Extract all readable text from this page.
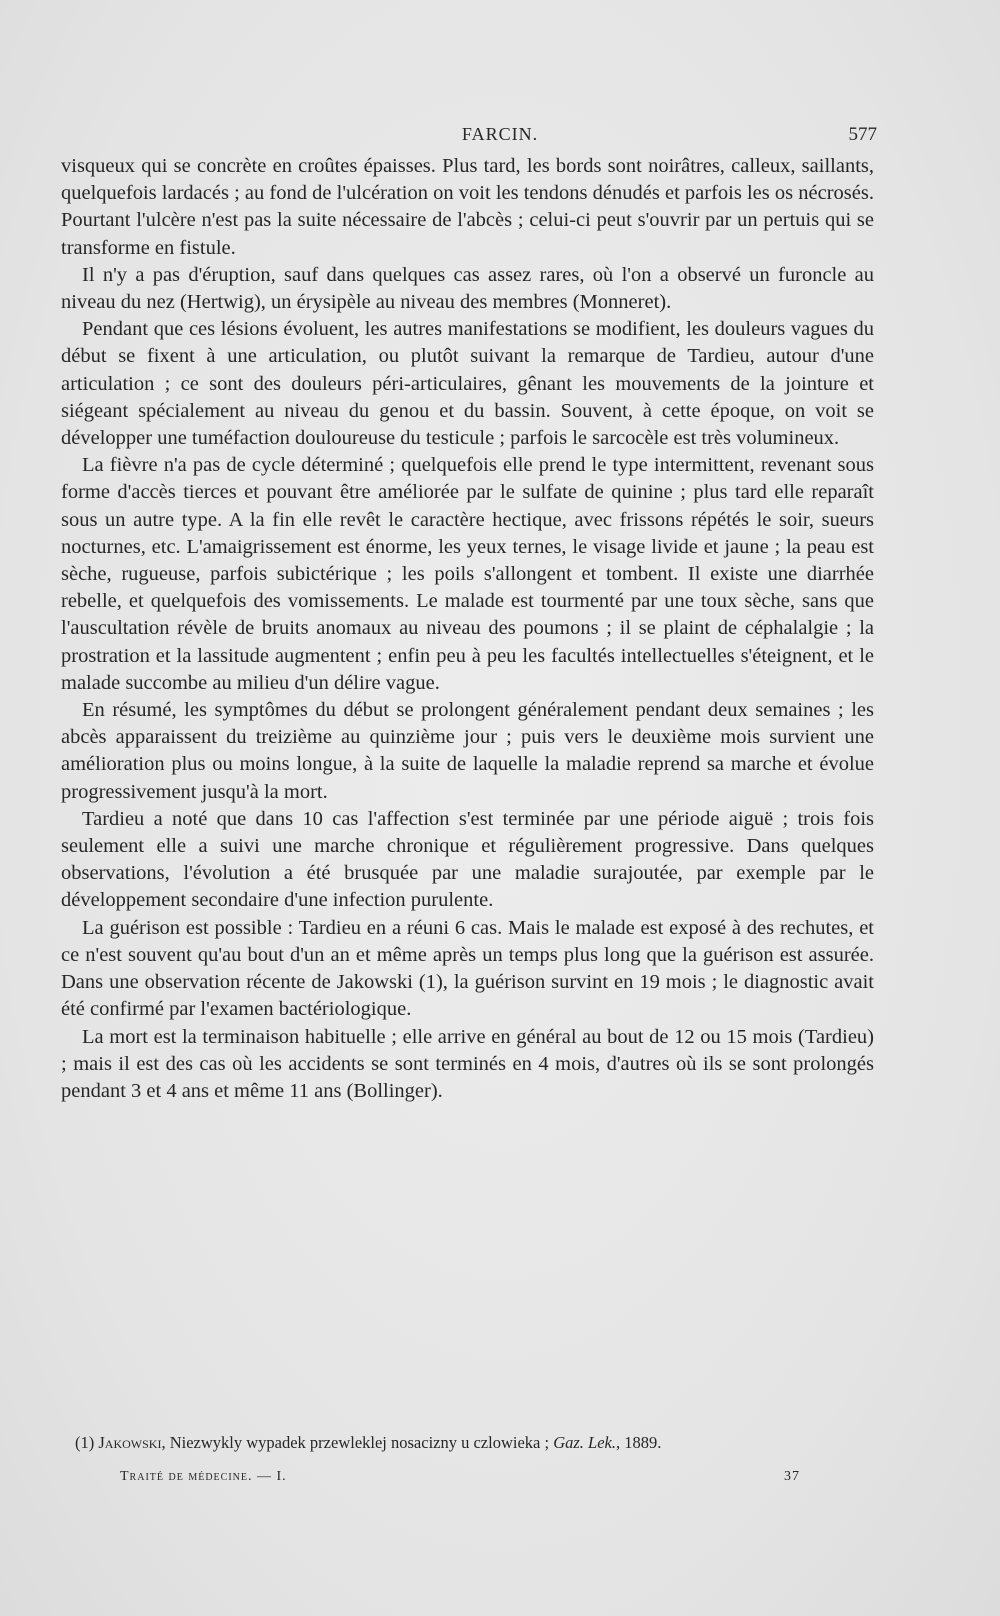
FARCIN.	577

visqueux qui se concrète en croûtes épaisses. Plus tard, les bords sont noirâtres, calleux, saillants, quelquefois lardacés ; au fond de l'ulcération on voit les tendons dénudés et parfois les os nécrosés. Pourtant l'ulcère n'est pas la suite nécessaire de l'abcès ; celui-ci peut s'ouvrir par un pertuis qui se transforme en fistule.

Il n'y a pas d'éruption, sauf dans quelques cas assez rares, où l'on a observé un furoncle au niveau du nez (Hertwig), un érysipèle au niveau des membres (Monneret).

Pendant que ces lésions évoluent, les autres manifestations se modifient, les douleurs vagues du début se fixent à une articulation, ou plutôt suivant la remarque de Tardieu, autour d'une articulation ; ce sont des douleurs péri-articulaires, gênant les mouvements de la jointure et siégeant spécialement au niveau du genou et du bassin. Souvent, à cette époque, on voit se développer une tuméfaction douloureuse du testicule ; parfois le sarcocèle est très volumineux.

La fièvre n'a pas de cycle déterminé ; quelquefois elle prend le type intermittent, revenant sous forme d'accès tierces et pouvant être améliorée par le sulfate de quinine ; plus tard elle reparaît sous un autre type. A la fin elle revêt le caractère hectique, avec frissons répétés le soir, sueurs nocturnes, etc. L'amaigrissement est énorme, les yeux ternes, le visage livide et jaune ; la peau est sèche, rugueuse, parfois subictérique ; les poils s'allongent et tombent. Il existe une diarrhée rebelle, et quelquefois des vomissements. Le malade est tourmenté par une toux sèche, sans que l'auscultation révèle de bruits anomaux au niveau des poumons ; il se plaint de céphalalgie ; la prostration et la lassitude augmentent ; enfin peu à peu les facultés intellectuelles s'éteignent, et le malade succombe au milieu d'un délire vague.

En résumé, les symptômes du début se prolongent généralement pendant deux semaines ; les abcès apparaissent du treizième au quinzième jour ; puis vers le deuxième mois survient une amélioration plus ou moins longue, à la suite de laquelle la maladie reprend sa marche et évolue progressivement jusqu'à la mort.

Tardieu a noté que dans 10 cas l'affection s'est terminée par une période aiguë ; trois fois seulement elle a suivi une marche chronique et régulièrement progressive. Dans quelques observations, l'évolution a été brusquée par une maladie surajoutée, par exemple par le développement secondaire d'une infection purulente.

La guérison est possible : Tardieu en a réuni 6 cas. Mais le malade est exposé à des rechutes, et ce n'est souvent qu'au bout d'un an et même après un temps plus long que la guérison est assurée. Dans une observation récente de Jakowski (1), la guérison survint en 19 mois ; le diagnostic avait été confirmé par l'examen bactériologique.

La mort est la terminaison habituelle ; elle arrive en général au bout de 12 ou 15 mois (Tardieu) ; mais il est des cas où les accidents se sont terminés en 4 mois, d'autres où ils se sont prolongés pendant 3 et 4 ans et même 11 ans (Bollinger).

(1) Jakowski, Niezwykly wypadek przewleklej nosacizny u czlowieka ; Gaz. Lek., 1889.
Traité de médecine. — I.	37
